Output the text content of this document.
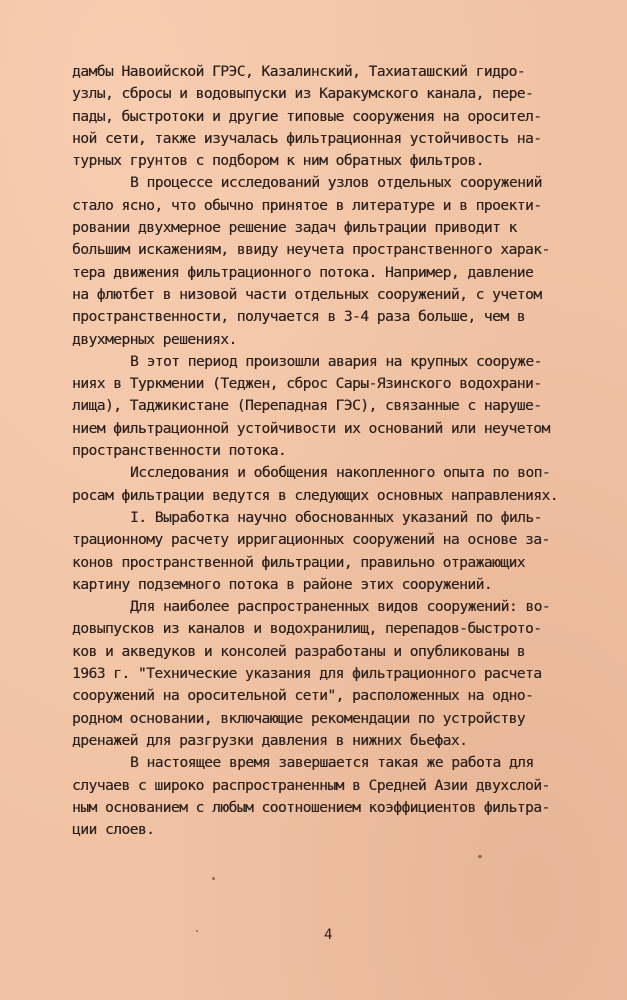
дамбы Навоийской ГРЭС, Казалинский, Тахиаташский гидро-
узлы, сбросы и водовыпуски из Каракумского канала, пере-
пады, быстротоки и другие типовые сооружения на оросител-
ной сети, также изучалась фильтрационная устойчивость на-
турных грунтов с подбором к ним обратных фильтров.
В процессе исследований узлов отдельных сооружений
стало ясно, что обычно принятое в литературе и в проекти-
ровании двухмерное решение задач фильтрации приводит к
большим искажениям, ввиду неучета пространственного харак-
тера движения фильтрационного потока. Например, давление
на флютбет в низовой части отдельных сооружений, с учетом
пространственности, получается в 3-4 раза больше, чем в
двухмерных решениях.
В этот период произошли авария на крупных сооруже-
ниях в Туркмении (Теджен, сброс Сары-Язинского водохрани-
лища), Таджикистане (Перепадная ГЭС), связанные с наруше-
нием фильтрационной устойчивости их оснований или неучетом
пространственности потока.
Исследования и обобщения накопленного опыта по воп-
росам фильтрации ведутся в следующих основных направлениях.
I. Выработка научно обоснованных указаний по филь-
трационному расчету ирригационных сооружений на основе за-
конов пространственной фильтрации, правильно отражающих
картину подземного потока в районе этих сооружений.
Для наиболее распространенных видов сооружений: во-
довыпусков из каналов и водохранилищ, перепадов-быстрото-
ков и акведуков и консолей разработаны и опубликованы в
1963 г. "Технические указания для фильтрационного расчета
сооружений на оросительной сети", расположенных на одно-
родном основании, включающие рекомендации по устройству
дренажей для разгрузки давления в нижних бьефах.
В настоящее время завершается такая же работа для
случаев с широко распространенным в Средней Азии двухслой-
ным основанием с любым соотношением коэффициентов фильтра-
ции слоев.
4
